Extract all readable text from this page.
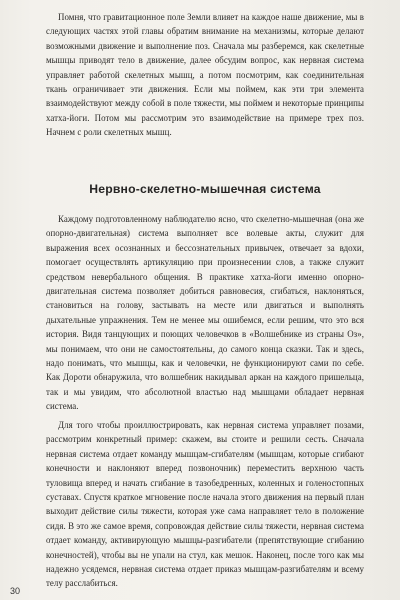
Помня, что гравитационное поле Земли влияет на каждое наше движение, мы в следующих частях этой главы обратим внимание на механизмы, которые делают возможными движение и выполнение поз. Сначала мы разберемся, как скелетные мышцы приводят тело в движение, далее обсудим вопрос, как нервная система управляет работой скелетных мышц, а потом посмотрим, как соединительная ткань ограничивает эти движения. Если мы поймем, как эти три элемента взаимодействуют между собой в поле тяжести, мы поймем и некоторые принципы хатха-йоги. Потом мы рассмотрим это взаимодействие на примере трех поз. Начнем с роли скелетных мышц.

Нервно-скелетно-мышечная система

Каждому подготовленному наблюдателю ясно, что скелетно-мышечная (она же опорно-двигательная) система выполняет все волевые акты, служит для выражения всех осознанных и бессознательных привычек, отвечает за вдохи, помогает осуществлять артикуляцию при произнесении слов, а также служит средством невербального общения. В практике хатха-йоги именно опорно-двигательная система позволяет добиться равновесия, сгибаться, наклоняться, становиться на голову, застывать на месте или двигаться и выполнять дыхательные упражнения. Тем не менее мы ошибемся, если решим, что это вся история. Видя танцующих и поющих человечков в «Волшебнике из страны Оз», мы понимаем, что они не самостоятельны, до самого конца сказки. Так и здесь, надо понимать, что мышцы, как и человечки, не функционируют сами по себе. Как Дороти обнаружила, что волшебник накидывал аркан на каждого пришельца, так и мы увидим, что абсолютной властью над мышцами обладает нервная система.

Для того чтобы проиллюстрировать, как нервная система управляет позами, рассмотрим конкретный пример: скажем, вы стоите и решили сесть. Сначала нервная система отдает команду мышцам-сгибателям (мышцам, которые сгибают конечности и наклоняют вперед позвоночник) переместить верхнюю часть туловища вперед и начать сгибание в тазобедренных, коленных и голеностопных суставах. Спустя краткое мгновение после начала этого движения на первый план выходит действие силы тяжести, которая уже сама направляет тело в положение сидя. В это же самое время, сопровождая действие силы тяжести, нервная система отдает команду, активирующую мышцы-разгибатели (препятствующие сгибанию конечностей), чтобы вы не упали на стул, как мешок. Наконец, после того как мы надежно усядемся, нервная система отдает приказ мышцам-разгибателям и всему телу расслабиться.

30
